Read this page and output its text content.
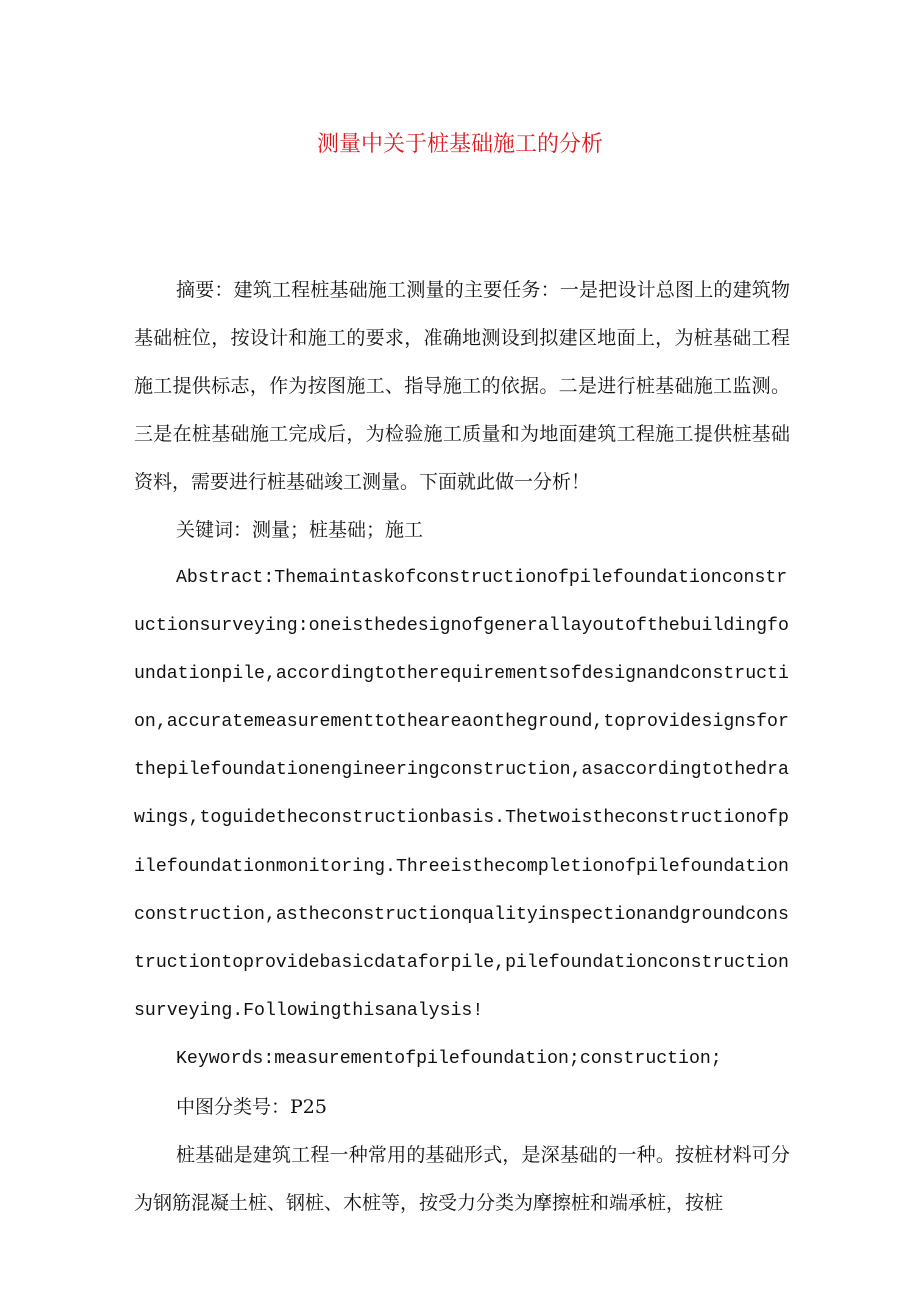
测量中关于桩基础施工的分析

摘要：建筑工程桩基础施工测量的主要任务：一是把设计总图上的建筑物基础桩位，按设计和施工的要求，准确地测设到拟建区地面上，为桩基础工程施工提供标志，作为按图施工、指导施工的依据。二是进行桩基础施工监测。三是在桩基础施工完成后，为检验施工质量和为地面建筑工程施工提供桩基础资料，需要进行桩基础竣工测量。下面就此做一分析！

关键词：测量；桩基础；施工

Abstract:Themaintaskofconstructionofpilefoundationconstructionsurveying:oneisthedesignofgenerallayoutofthebuildingfoundationpile,accordingtotherequirementsofdesignandconstruction,accuratemeasurementtotheareaontheground,toprovidesignsforthepilefoundationengineeringconstruction,asaccordingtothedrawings,toguidetheconstructionbasis.Thetwoistheconstructionofpilefoundationmonitoring.Threeisthecompletionofpilefoundationconstruction,astheconstructionqualityinspectionandgroundconstructiontoprovidebasicdataforpile,pilefoundationconstructionsurveying.Followingthisanalysis!

Keywords:measurementofpilefoundation;construction;

中图分类号：P25

桩基础是建筑工程一种常用的基础形式，是深基础的一种。按桩材料可分为钢筋混凝土桩、钢桩、木桩等，按受力分类为摩擦桩和端承桩，按桩
